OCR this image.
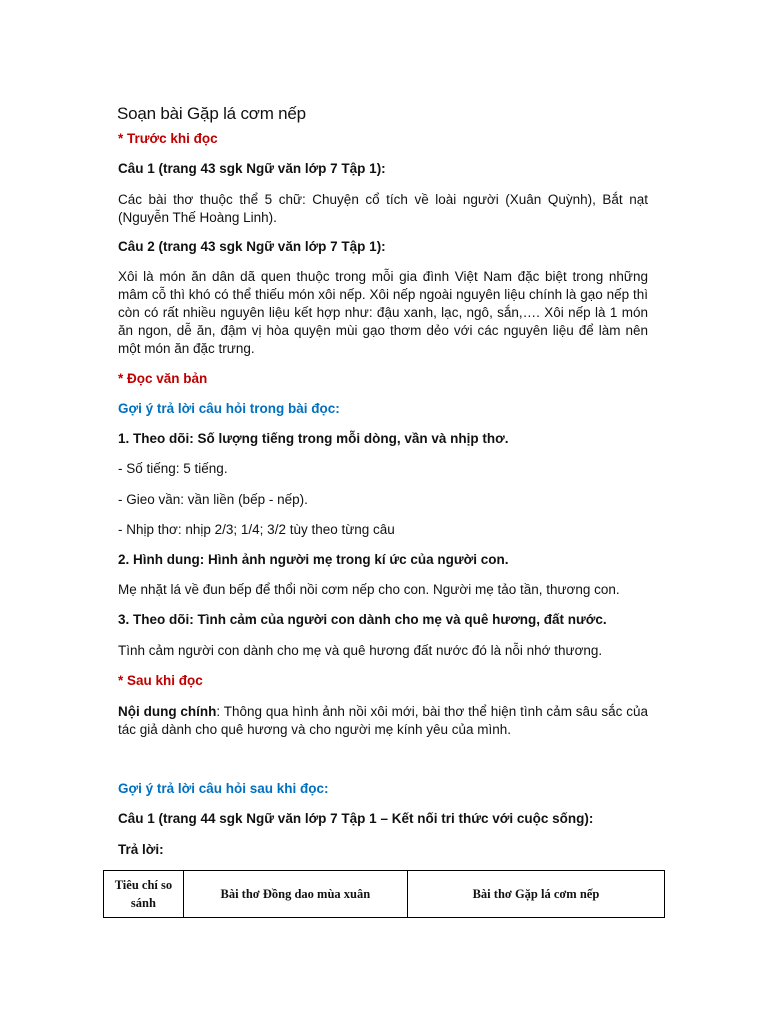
Soạn bài Gặp lá cơm nếp
* Trước khi đọc
Câu 1 (trang 43 sgk Ngữ văn lớp 7 Tập 1):

Các bài thơ thuộc thể 5 chữ: Chuyện cổ tích về loài người (Xuân Quỳnh), Bắt nạt (Nguyễn Thế Hoàng Linh).

Câu 2 (trang 43 sgk Ngữ văn lớp 7 Tập 1):

Xôi là món ăn dân dã quen thuộc trong mỗi gia đình Việt Nam đặc biệt trong những mâm cỗ thì khó có thể thiếu món xôi nếp. Xôi nếp ngoài nguyên liệu chính là gạo nếp thì còn có rất nhiều nguyên liệu kết hợp như: đậu xanh, lạc, ngô, sắn,…. Xôi nếp là 1 món ăn ngon, dễ ăn, đậm vị hòa quyện mùi gạo thơm dẻo với các nguyên liệu để làm nên một món ăn đặc trưng.

* Đọc văn bản
Gợi ý trả lời câu hỏi trong bài đọc:
1. Theo dõi: Số lượng tiếng trong mỗi dòng, vần và nhịp thơ.
- Số tiếng: 5 tiếng.
- Gieo vần: vần liền (bếp - nếp).
- Nhịp thơ: nhịp 2/3; 1/4; 3/2 tùy theo từng câu
2. Hình dung: Hình ảnh người mẹ trong kí ức của người con.
Mẹ nhặt lá về đun bếp để thổi nồi cơm nếp cho con. Người mẹ tảo tần, thương con.
3. Theo dõi: Tình cảm của người con dành cho mẹ và quê hương, đất nước.
Tình cảm người con dành cho mẹ và quê hương đất nước đó là nỗi nhớ thương.
* Sau khi đọc

Nội dung chính: Thông qua hình ảnh nồi xôi mới, bài thơ thể hiện tình cảm sâu sắc của tác giả dành cho quê hương và cho người mẹ kính yêu của mình.

Gợi ý trả lời câu hỏi sau khi đọc:
Câu 1 (trang 44 sgk Ngữ văn lớp 7 Tập 1 – Kết nối tri thức với cuộc sống):
Trả lời:
Tiêu chí so sánh	Bài thơ Đồng dao mùa xuân	Bài thơ Gặp lá cơm nếp
